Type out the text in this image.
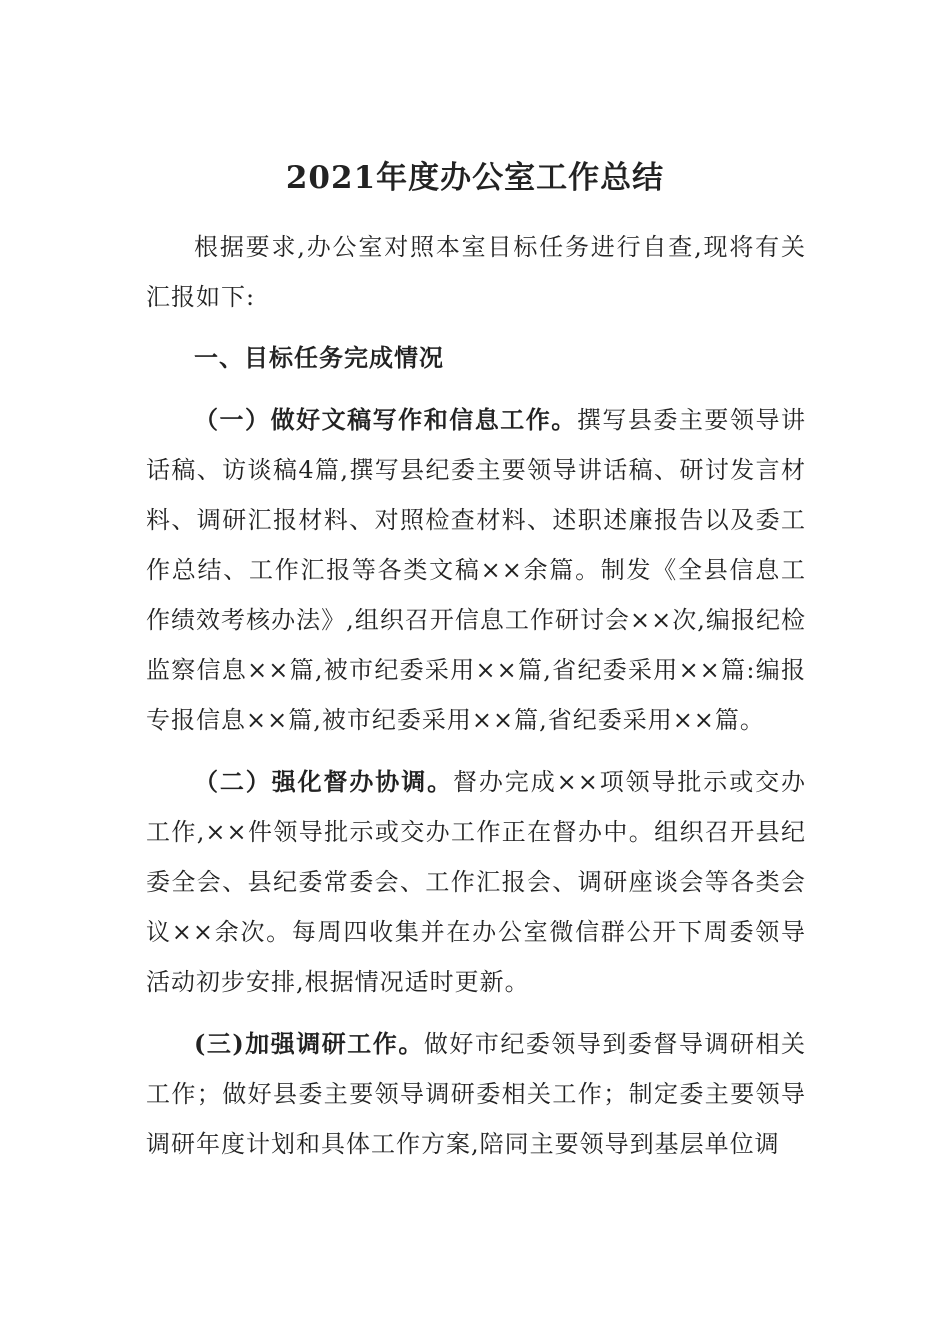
2021年度办公室工作总结

根据要求,办公室对照本室目标任务进行自查,现将有关汇报如下:

一、目标任务完成情况

（一）做好文稿写作和信息工作。撰写县委主要领导讲话稿、访谈稿4篇,撰写县纪委主要领导讲话稿、研讨发言材料、调研汇报材料、对照检查材料、述职述廉报告以及委工作总结、工作汇报等各类文稿××余篇。制发《全县信息工作绩效考核办法》,组织召开信息工作研讨会××次,编报纪检监察信息××篇,被市纪委采用××篇,省纪委采用××篇:编报专报信息××篇,被市纪委采用××篇,省纪委采用××篇。

（二）强化督办协调。督办完成××项领导批示或交办工作,××件领导批示或交办工作正在督办中。组织召开县纪委全会、县纪委常委会、工作汇报会、调研座谈会等各类会议××余次。每周四收集并在办公室微信群公开下周委领导活动初步安排,根据情况适时更新。

(三)加强调研工作。做好市纪委领导到委督导调研相关工作；做好县委主要领导调研委相关工作；制定委主要领导调研年度计划和具体工作方案,陪同主要领导到基层单位调
